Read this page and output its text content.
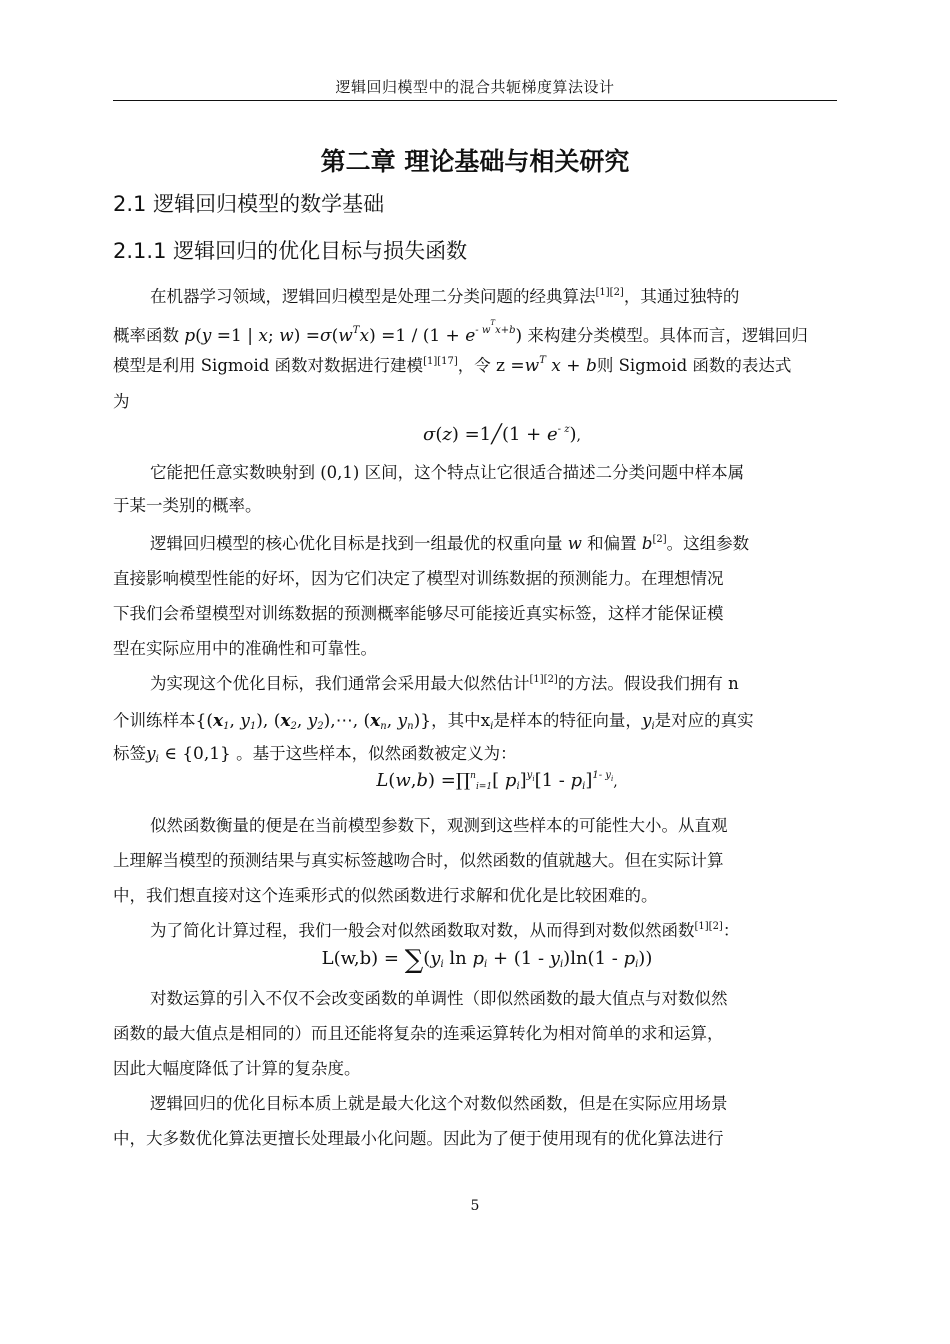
逻辑回归模型中的混合共轭梯度算法设计
第二章 理论基础与相关研究
2.1 逻辑回归模型的数学基础
2.1.1 逻辑回归的优化目标与损失函数
在机器学习领域，逻辑回归模型是处理二分类问题的经典算法[1][2]，其通过独特的
概率函数 p(y =1 | x; $w) =\sigma(w^Tx) =1 / (1 + e^{- w^Tx+b})$ 来构建分类模型。具体而言，逻辑回归
模型是利用 Sigmoid 函数对数据进行建模[1][17]，令 $z =w^T$ x + b则 Sigmoid 函数的表达式
为
σ(z) =1╱(1 + $e^{- z}$),
它能把任意实数映射到 (0,1) 区间，这个特点让它很适合描述二分类问题中样本属
于某一类别的概率。
逻辑回归模型的核心优化目标是找到一组最优的权重向量 w 和偏置 b[2]。这组参数
直接影响模型性能的好坏，因为它们决定了模型对训练数据的预测能力。在理想情况
下我们会希望模型对训练数据的预测概率能够尽可能接近真实标签，这样才能保证模
型在实际应用中的准确性和可靠性。
为实现这个优化目标，我们通常会采用最大似然估计[1][2]的方法。假设我们拥有 n
个训练样本{($x_1$, $y_1$), ($x_2$, $y_2),\cdots$, ($x_n$, $y_n$)}，其中$x_i$是样本的特征向量，$y_i$是对应的真实
标签$y_i$ ∈ {0,1} 。基于这些样本，似然函数被定义为：
L(w,b) =∏$^n_{i=1}$[ $p_i]^{y_i}[1 - p_i]^{1- y_i}$,
似然函数衡量的便是在当前模型参数下，观测到这些样本的可能性大小。从直观
上理解当模型的预测结果与真实标签越吻合时，似然函数的值就越大。但在实际计算
中，我们想直接对这个连乘形式的似然函数进行求解和优化是比较困难的。
为了简化计算过程，我们一般会对似然函数取对数，从而得到对数似然函数[1][2]：
$L(w,b) = \sum(y_i$ $\ln p_i + (1 - y_i)\ln(1 - p_i)$)
对数运算的引入不仅不会改变函数的单调性（即似然函数的最大值点与对数似然
函数的最大值点是相同的）而且还能将复杂的连乘运算转化为相对简单的求和运算，
因此大幅度降低了计算的复杂度。
逻辑回归的优化目标本质上就是最大化这个对数似然函数，但是在实际应用场景
中，大多数优化算法更擅长处理最小化问题。因此为了便于使用现有的优化算法进行
5
